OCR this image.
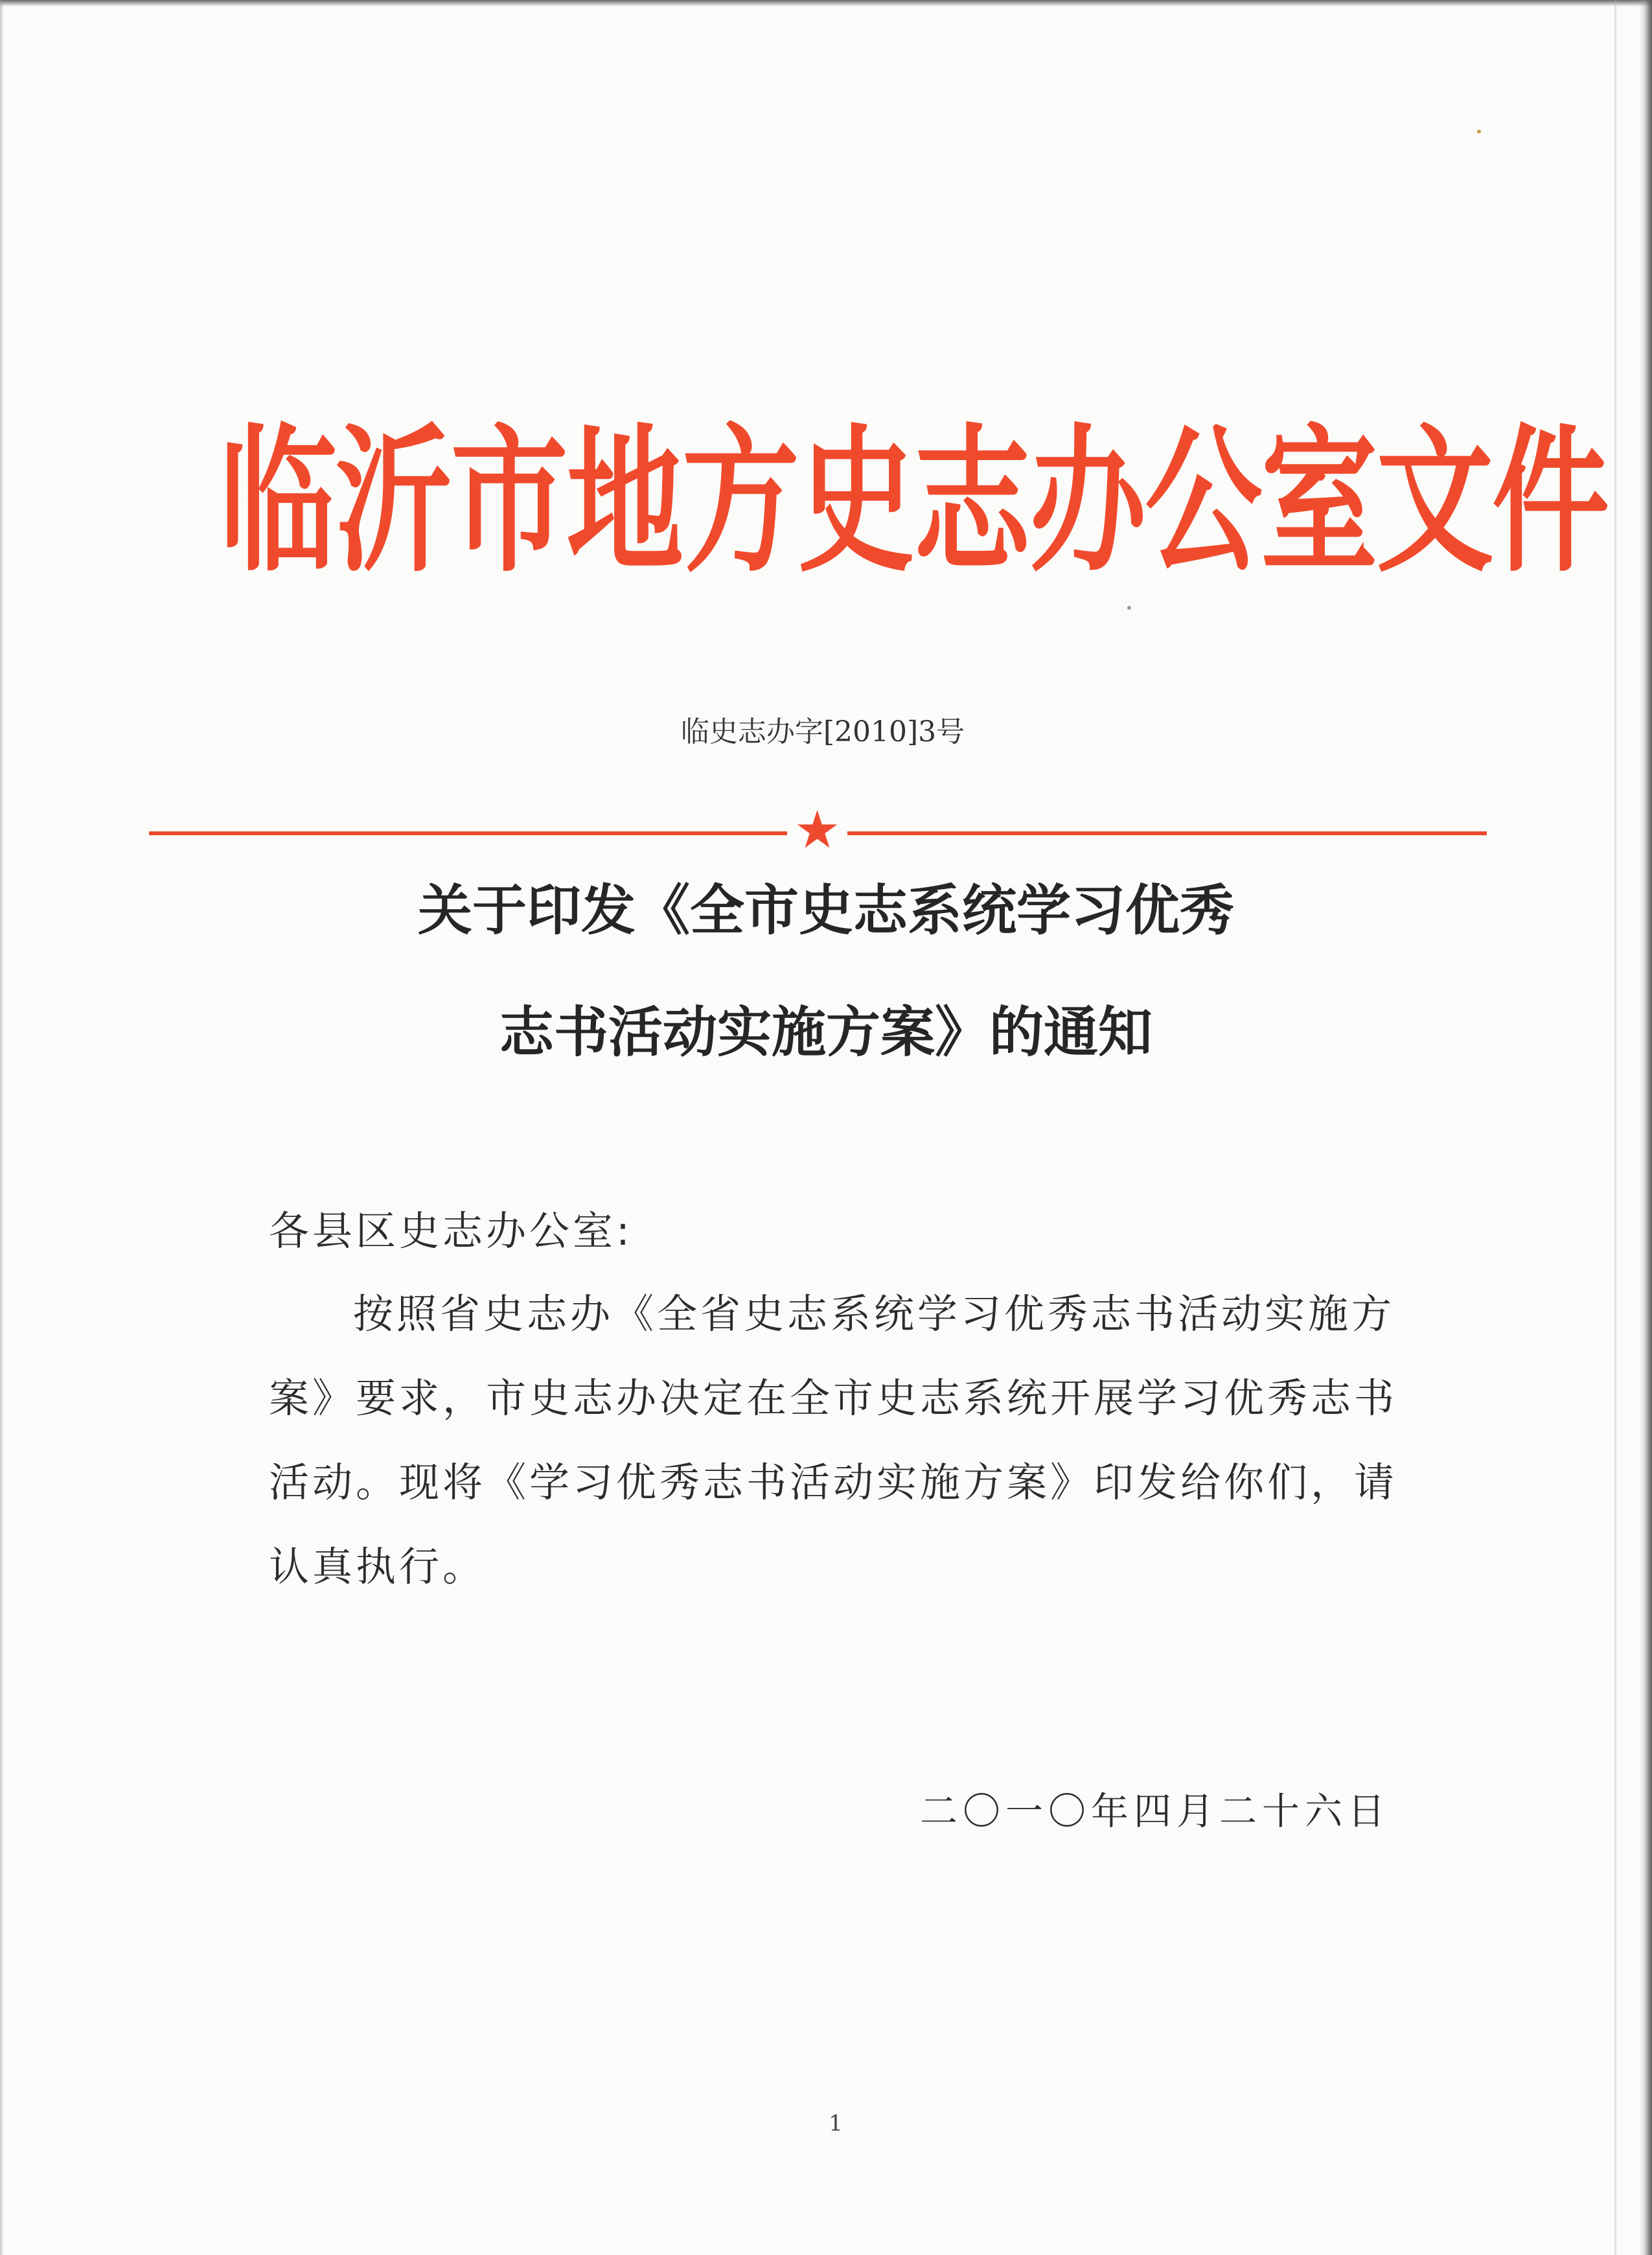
临沂市地方史志办公室文件
临史志办字[2010]3号
★
关于印发《全市史志系统学习优秀
志书活动实施方案》的通知
各县区史志办公室:
按照省史志办《全省史志系统学习优秀志书活动实施方
案》要求，市史志办决定在全市史志系统开展学习优秀志书
活动。现将《学习优秀志书活动实施方案》印发给你们，请
认真执行。
二〇一〇年四月二十六日
1
